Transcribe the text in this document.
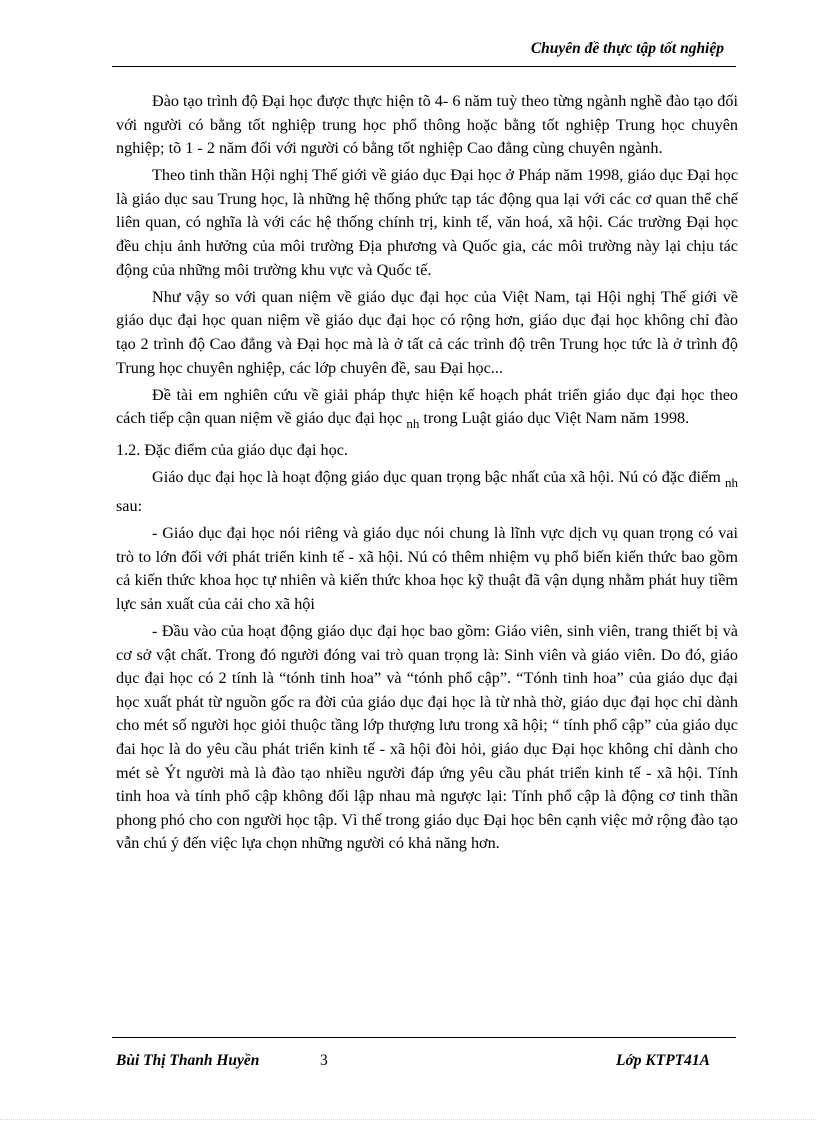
Chuyên đề thực tập tốt nghiệp

Đào tạo trình độ Đại học được thực hiện tõ 4- 6 năm tuỳ theo từng ngành nghề đào tạo đối với người có bằng tốt nghiệp trung học phổ thông hoặc bằng tốt nghiệp Trung học chuyên nghiệp; tõ 1 - 2 năm đối với người có bằng tốt nghiệp Cao đẳng cùng chuyên ngành.

Theo tinh thần Hội nghị Thế giới về giáo dục Đại học ở Pháp năm 1998, giáo dục Đại học là giáo dục sau Trung học, là những hệ thống phức tạp tác động qua lại với các cơ quan thể chế liên quan, có nghĩa là với các hệ thống chính trị, kinh tế, văn hoá, xã hội. Các trường Đại học đều chịu ảnh hưởng của môi trường Địa phương và Quốc gia, các môi trường này lại chịu tác động của những môi trường khu vực và Quốc tế.

Như vậy so với quan niệm về giáo dục đại học của Việt Nam, tại Hội nghị Thế giới về giáo dục đại học quan niệm về giáo dục đại học có rộng hơn, giáo dục đại học không chỉ đào tạo 2 trình độ Cao đẳng và Đại học mà là ở tất cả các trình độ trên Trung học tức là ở trình độ Trung học chuyên nghiệp, các lớp chuyên đề, sau Đại học...

Đề tài em nghiên cứu về giải pháp thực hiện kế hoạch phát triển giáo dục đại học theo cách tiếp cận quan niệm về giáo dục đại học $_{nh}$ trong Luật giáo dục Việt Nam năm 1998.

1.2. Đặc điểm của giáo dục đại học.

Giáo dục đại học là hoạt động giáo dục quan trọng bậc nhất của xã hội. Nú có đặc điểm $_{nh}$ sau:

- Giáo dục đại học nói riêng và giáo dục nói chung là lĩnh vực dịch vụ quan trọng có vai trò to lớn đối với phát triển kinh tế - xã hội. Nú có thêm nhiệm vụ phổ biến kiến thức bao gồm cả kiến thức khoa học tự nhiên và kiến thức khoa học kỹ thuật đã vận dụng nhằm phát huy tiềm lực sản xuất của cải cho xã hội

- Đầu vào của hoạt động giáo dục đại học bao gồm: Giáo viên, sinh viên, trang thiết bị và cơ sở vật chất. Trong đó người đóng vai trò quan trọng là: Sinh viên và giáo viên. Do đó, giáo dục đại học có 2 tính là “tónh tinh hoa” và “tónh phổ cập”. “Tónh tinh hoa” của giáo dục đại học xuất phát từ nguồn gốc ra đời của giáo dục đại học là từ nhà thờ, giáo dục đại học chỉ dành cho mét số người học giỏi thuộc tầng lớp thượng lưu trong xã hội; “ tính phổ cập” của giáo dục đai học là do yêu cầu phát triển kinh tế - xã hội đòi hỏi, giáo dục Đại học không chỉ dành cho mét sè Ýt người mà là đào tạo nhiều người đáp ứng yêu cầu phát triển kinh tế - xã hội. Tính tinh hoa và tính phổ cập không đối lập nhau mà ngược lại: Tính phổ cập là động cơ tinh thần phong phó cho con người học tập. Vì thế trong giáo dục Đại học bên cạnh việc mở rộng đào tạo vẫn chú ý đến việc lựa chọn những người có khả năng hơn.

Bùi Thị Thanh Huyền	3	Lớp KTPT41A
